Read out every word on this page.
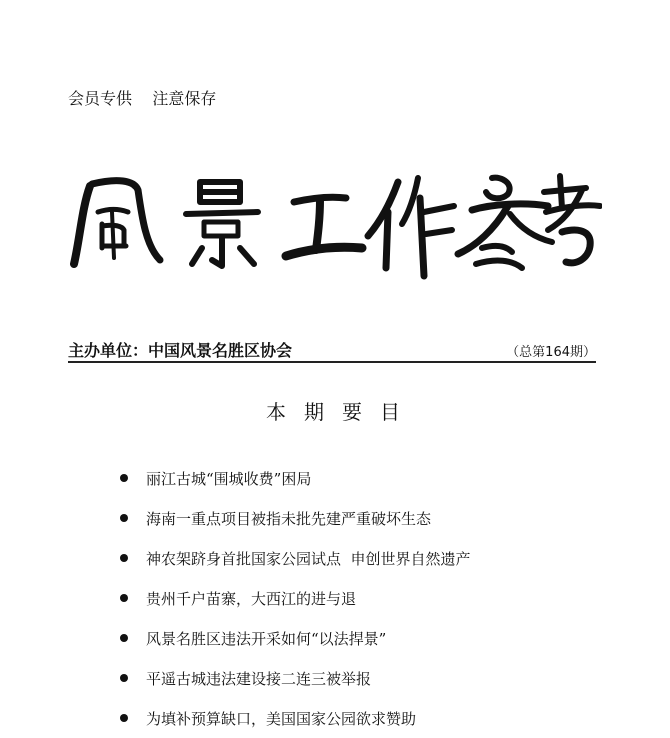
会员专供    注意保存
主办单位：中国风景名胜区协会	（总第164期）
本期要目
丽江古城“围城收费”困局
海南一重点项目被指未批先建严重破坏生态
神农架跻身首批国家公园试点  申创世界自然遗产
贵州千户苗寨，大西江的进与退
风景名胜区违法开采如何“以法捍景”
平遥古城违法建设接二连三被举报
为填补预算缺口，美国国家公园欲求赞助
